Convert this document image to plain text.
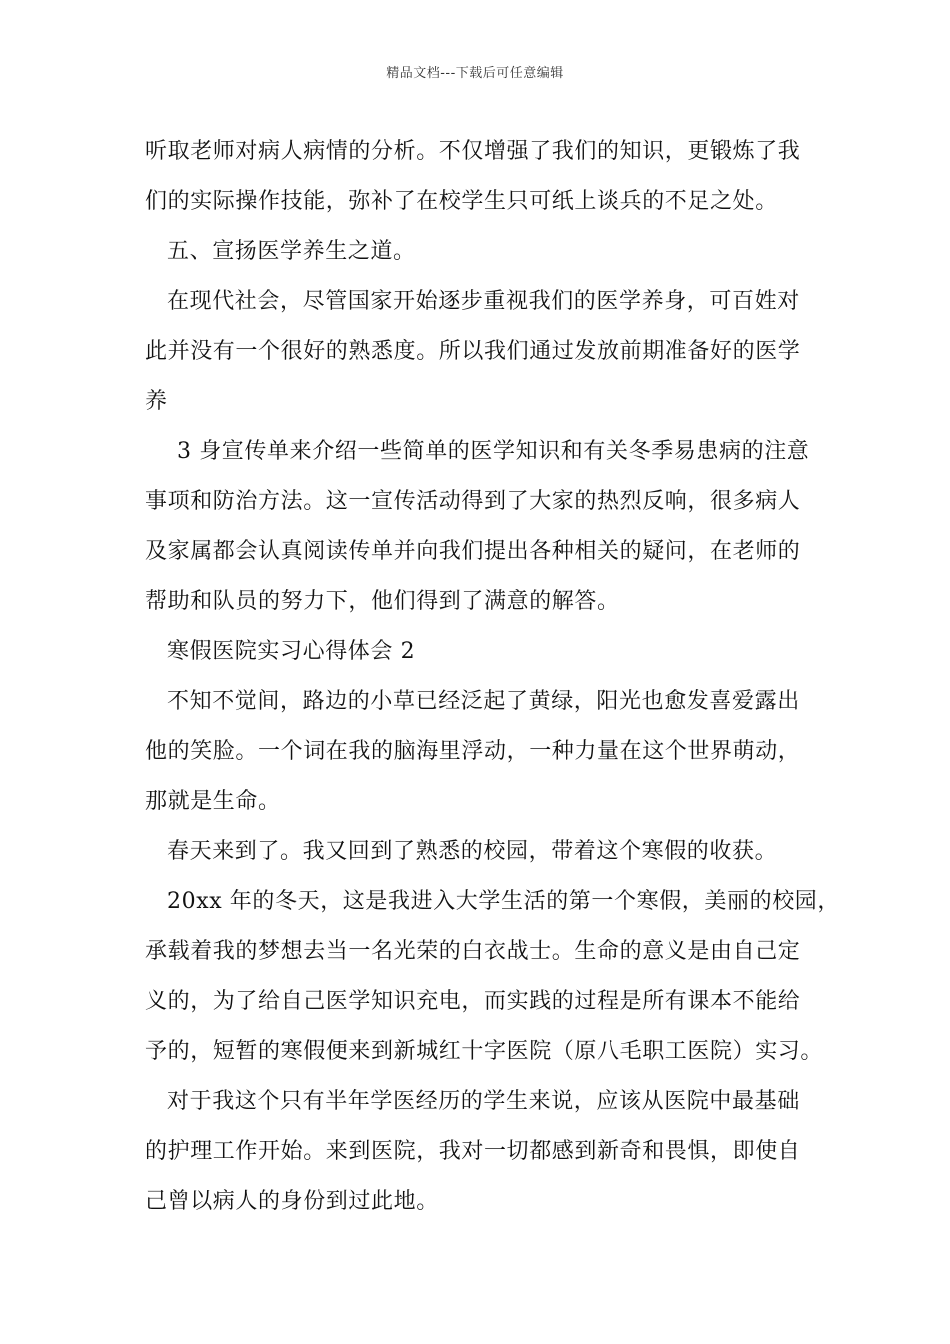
精品文档---下载后可任意编辑
听取老师对病人病情的分析。不仅增强了我们的知识，更锻炼了我
们的实际操作技能，弥补了在校学生只可纸上谈兵的不足之处。
五、宣扬医学养生之道。
在现代社会，尽管国家开始逐步重视我们的医学养身，可百姓对
此并没有一个很好的熟悉度。所以我们通过发放前期准备好的医学
养
3 身宣传单来介绍一些简单的医学知识和有关冬季易患病的注意
事项和防治方法。这一宣传活动得到了大家的热烈反响，很多病人
及家属都会认真阅读传单并向我们提出各种相关的疑问，在老师的
帮助和队员的努力下，他们得到了满意的解答。
寒假医院实习心得体会 2
不知不觉间，路边的小草已经泛起了黄绿，阳光也愈发喜爱露出
他的笑脸。一个词在我的脑海里浮动，一种力量在这个世界萌动，
那就是生命。
春天来到了。我又回到了熟悉的校园，带着这个寒假的收获。
20xx 年的冬天，这是我进入大学生活的第一个寒假，美丽的校园，
承载着我的梦想去当一名光荣的白衣战士。生命的意义是由自己定
义的，为了给自己医学知识充电，而实践的过程是所有课本不能给
予的，短暂的寒假便来到新城红十字医院（原八毛职工医院）实习。
对于我这个只有半年学医经历的学生来说，应该从医院中最基础
的护理工作开始。来到医院，我对一切都感到新奇和畏惧，即使自
己曾以病人的身份到过此地。
